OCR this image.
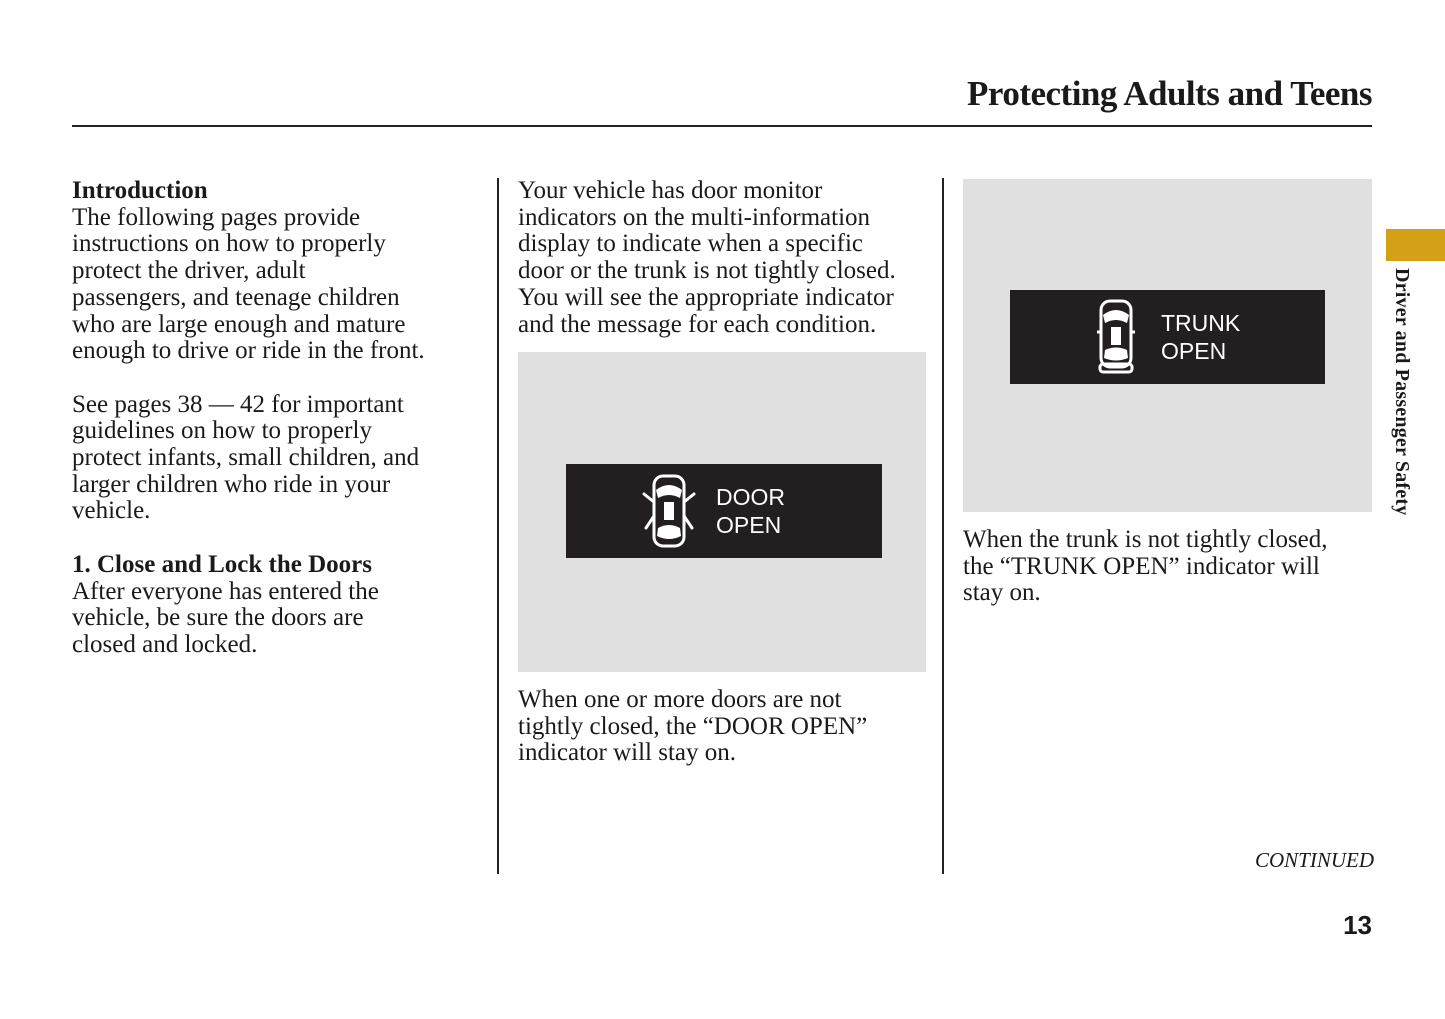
Protecting Adults and Teens
Introduction

The following pages provide
instructions on how to properly
protect the driver, adult
passengers, and teenage children
who are large enough and mature
enough to drive or ride in the front.

See pages 38 — 42 for important
guidelines on how to properly
protect infants, small children, and
larger children who ride in your
vehicle.

1. Close and Lock the Doors

After everyone has entered the
vehicle, be sure the doors are
closed and locked.

Your vehicle has door monitor
indicators on the multi-information
display to indicate when a specific
door or the trunk is not tightly closed.
You will see the appropriate indicator
and the message for each condition.

DOOR
OPEN
When one or more doors are not
tightly closed, the “DOOR OPEN”
indicator will stay on.
TRUNK
OPEN
When the trunk is not tightly closed,
the “TRUNK OPEN” indicator will
stay on.
CONTINUED
13
Driver and Passenger Safety
